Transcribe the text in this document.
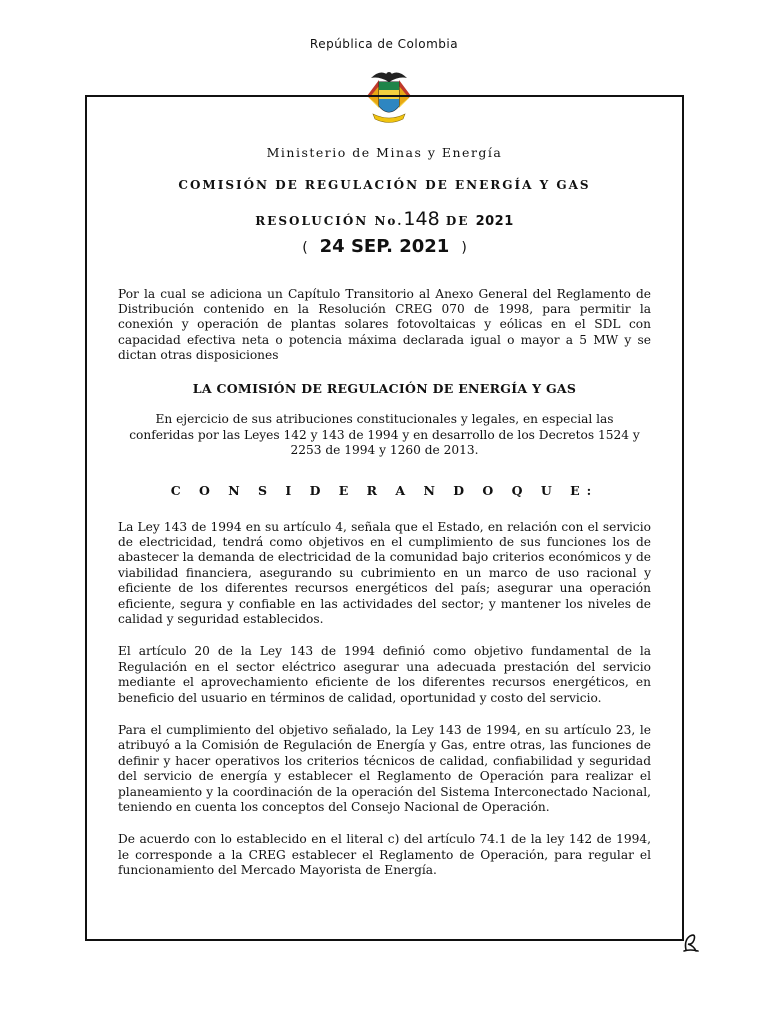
República de Colombia
Ministerio de Minas y Energía
COMISIÓN DE REGULACIÓN DE ENERGÍA Y GAS
RESOLUCIÓN No.148 DE 2021
( 24 SEP. 2021 )
Por la cual se adiciona un Capítulo Transitorio al Anexo General del Reglamento de Distribución contenido en la Resolución CREG 070 de 1998, para permitir la conexión y operación de plantas solares fotovoltaicas y eólicas en el SDL con capacidad efectiva neta o potencia máxima declarada igual o mayor a 5 MW y se dictan otras disposiciones
LA COMISIÓN DE REGULACIÓN DE ENERGÍA Y GAS
En ejercicio de sus atribuciones constitucionales y legales, en especial las conferidas por las Leyes 142 y 143 de 1994 y en desarrollo de los Decretos 1524 y 2253 de 1994 y 1260 de 2013.
C O N S I D E R A N D O Q U E:
La Ley 143 de 1994 en su artículo 4, señala que el Estado, en relación con el servicio de electricidad, tendrá como objetivos en el cumplimiento de sus funciones los de abastecer la demanda de electricidad de la comunidad bajo criterios económicos y de viabilidad financiera, asegurando su cubrimiento en un marco de uso racional y eficiente de los diferentes recursos energéticos del país; asegurar una operación eficiente, segura y confiable en las actividades del sector; y mantener los niveles de calidad y seguridad establecidos.
El artículo 20 de la Ley 143 de 1994 definió como objetivo fundamental de la Regulación en el sector eléctrico asegurar una adecuada prestación del servicio mediante el aprovechamiento eficiente de los diferentes recursos energéticos, en beneficio del usuario en términos de calidad, oportunidad y costo del servicio.
Para el cumplimiento del objetivo señalado, la Ley 143 de 1994, en su artículo 23, le atribuyó a la Comisión de Regulación de Energía y Gas, entre otras, las funciones de definir y hacer operativos los criterios técnicos de calidad, confiabilidad y seguridad del servicio de energía y establecer el Reglamento de Operación para realizar el planeamiento y la coordinación de la operación del Sistema Interconectado Nacional, teniendo en cuenta los conceptos del Consejo Nacional de Operación.
De acuerdo con lo establecido en el literal c) del artículo 74.1 de la ley 142 de 1994, le corresponde a la CREG establecer el Reglamento de Operación, para regular el funcionamiento del Mercado Mayorista de Energía.
